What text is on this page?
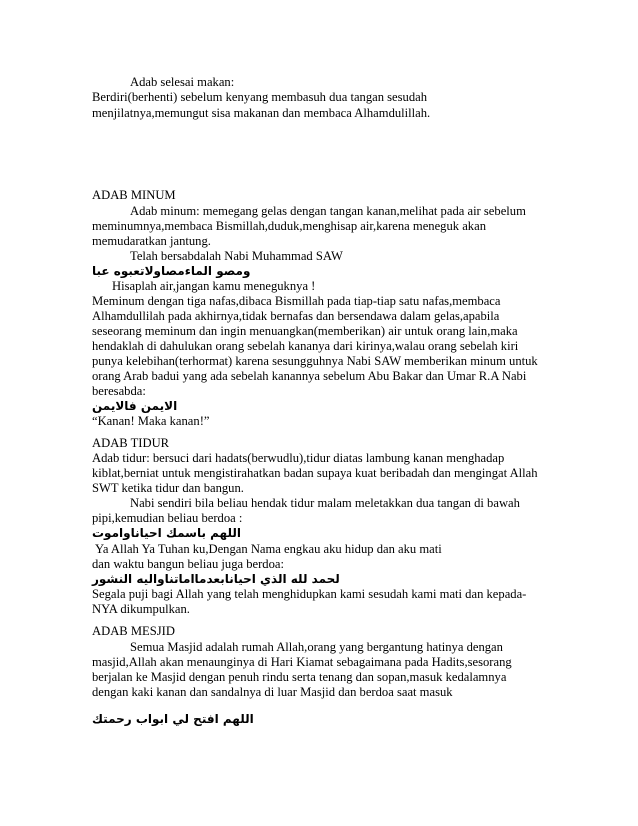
Adab selesai makan:
Berdiri(berhenti) sebelum kenyang membasuh dua tangan sesudah
menjilatnya,memungut sisa makanan dan membaca Alhamdulillah.
ADAB MINUM
Adab minum: memegang gelas dengan tangan kanan,melihat pada air sebelum
meminumnya,membaca Bismillah,duduk,menghisap air,karena meneguk akan
memudaratkan jantung.
Telah bersabdalah Nabi Muhammad SAW
ومصو الماءمصاولاتعبوه عبا
Hisaplah air,jangan kamu meneguknya !
Meminum dengan tiga nafas,dibaca Bismillah pada tiap-tiap satu nafas,membaca
Alhamdullilah pada akhirnya,tidak bernafas dan bersendawa dalam gelas,apabila
seseorang meminum dan ingin menuangkan(memberikan) air untuk orang lain,maka
hendaklah di dahulukan orang sebelah kananya dari kirinya,walau orang sebelah kiri
punya kelebihan(terhormat) karena sesungguhnya Nabi SAW memberikan minum untuk
orang Arab badui yang ada sebelah kanannya sebelum Abu Bakar dan Umar R.A Nabi
beresabda:
الايمن فالايمن
“Kanan! Maka kanan!”
ADAB TIDUR
Adab tidur: bersuci dari hadats(berwudlu),tidur diatas lambung kanan menghadap
kiblat,berniat untuk mengistirahatkan badan supaya kuat beribadah dan mengingat Allah
SWT ketika tidur dan bangun.
Nabi sendiri bila beliau hendak tidur malam meletakkan dua tangan di bawah
pipi,kemudian beliau berdoa :
اللهم باسمك احياناواموت
Ya Allah Ya Tuhan ku,Dengan Nama engkau aku hidup dan aku mati
dan waktu bangun beliau juga berdoa:
لحمد لله الذي احيانابعدمااماتناواليه النشور
Segala puji bagi Allah yang telah menghidupkan kami sesudah kami mati dan kepada-
NYA dikumpulkan.
ADAB MESJID
Semua Masjid adalah rumah Allah,orang yang bergantung hatinya dengan
masjid,Allah akan menaunginya di Hari Kiamat sebagaimana pada Hadits,sesorang
berjalan ke Masjid dengan penuh rindu serta tenang dan sopan,masuk kedalamnya
dengan kaki kanan dan sandalnya di luar Masjid dan berdoa saat masuk
اللهم افتح لي ابواب رحمتك
